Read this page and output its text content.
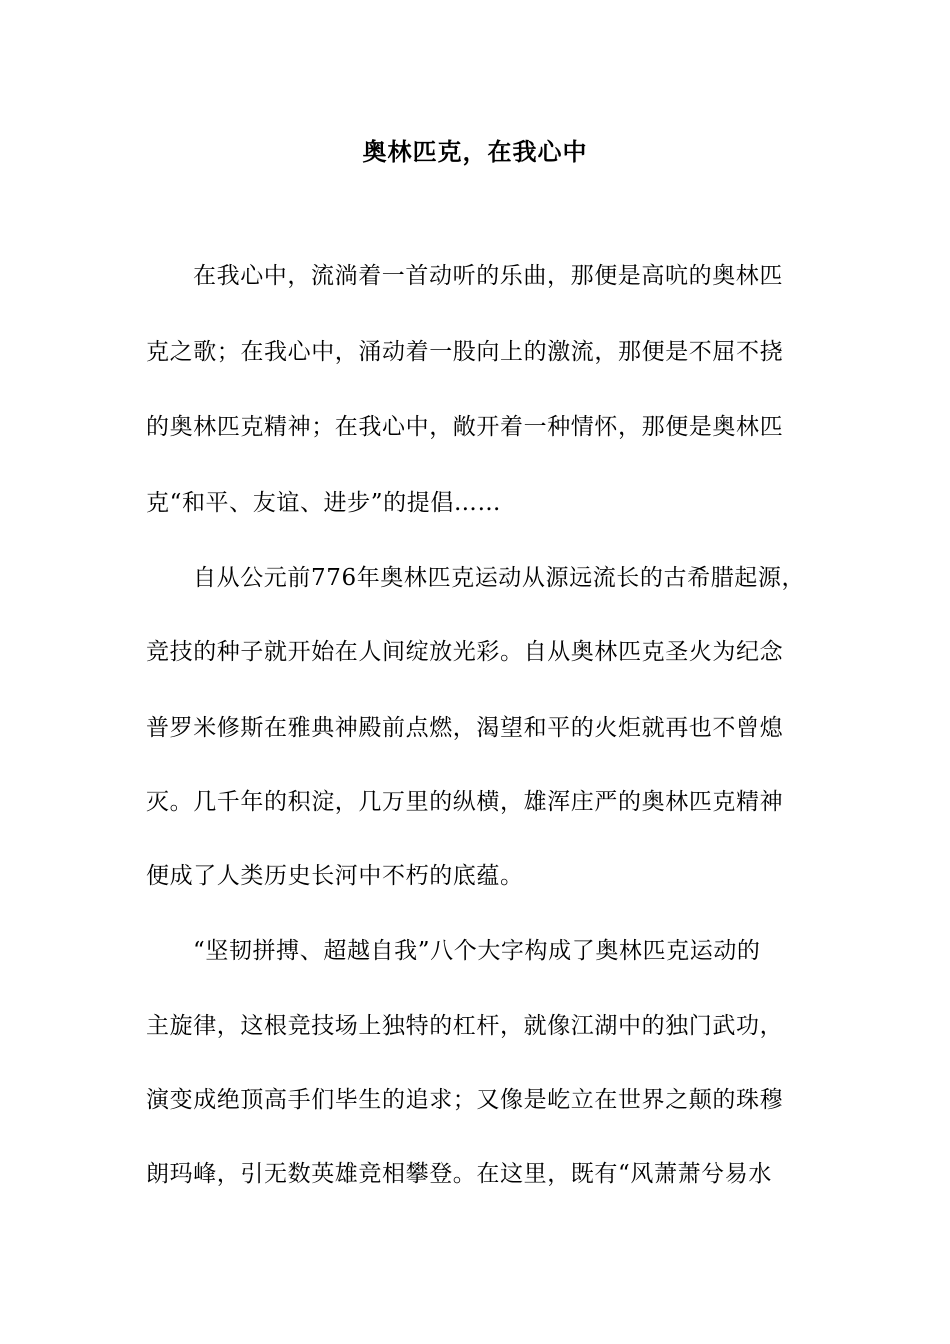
奥林匹克，在我心中
在我心中，流淌着一首动听的乐曲，那便是高吭的奥林匹
克之歌；在我心中，涌动着一股向上的激流，那便是不屈不挠
的奥林匹克精神；在我心中，敞开着一种情怀，那便是奥林匹
克“和平、友谊、进步”的提倡……
自从公元前776年奥林匹克运动从源远流长的古希腊起源，
竞技的种子就开始在人间绽放光彩。自从奥林匹克圣火为纪念
普罗米修斯在雅典神殿前点燃，渴望和平的火炬就再也不曾熄
灭。几千年的积淀，几万里的纵横，雄浑庄严的奥林匹克精神
便成了人类历史长河中不朽的底蕴。
“坚韧拼搏、超越自我”八个大字构成了奥林匹克运动的
主旋律，这根竞技场上独特的杠杆，就像江湖中的独门武功，
演变成绝顶高手们毕生的追求；又像是屹立在世界之颠的珠穆
朗玛峰，引无数英雄竞相攀登。在这里，既有“风萧萧兮易水
